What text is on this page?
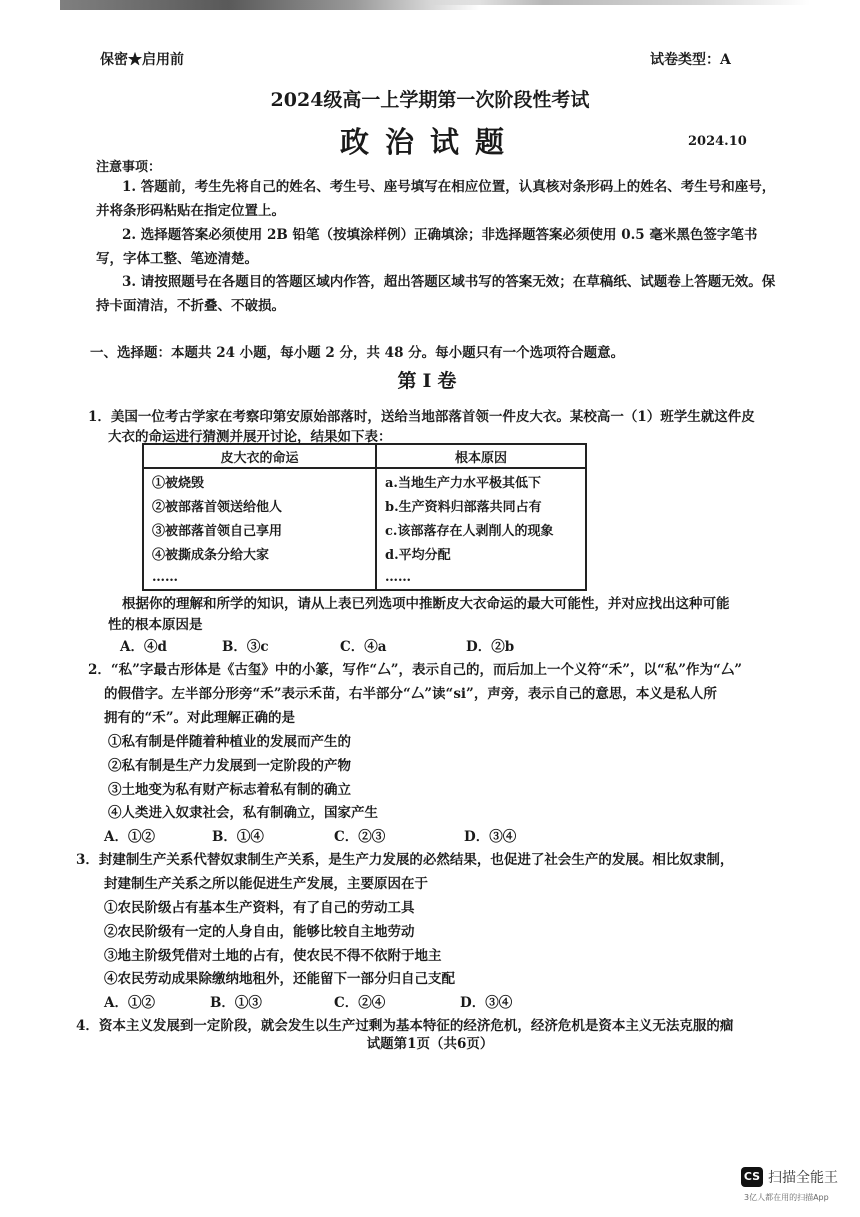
保密★启用前	试卷类型：A
2024级高一上学期第一次阶段性考试
政治试题	2024.10
注意事项：
1. 答题前，考生先将自己的姓名、考生号、座号填写在相应位置，认真核对条形码上的姓名、考生号和座号，并将条形码粘贴在指定位置上。
2. 选择题答案必须使用 2B 铅笔（按填涂样例）正确填涂；非选择题答案必须使用 0.5 毫米黑色签字笔书写，字体工整、笔迹清楚。
3. 请按照题号在各题目的答题区域内作答，超出答题区域书写的答案无效；在草稿纸、试题卷上答题无效。保持卡面清洁，不折叠、不破损。
一、选择题：本题共 24 小题，每小题 2 分，共 48 分。每小题只有一个选项符合题意。
第Ⅰ卷
1．美国一位考古学家在考察印第安原始部落时，送给当地部落首领一件皮大衣。某校高一（1）班学生就这件皮
大衣的命运进行猜测并展开讨论，结果如下表：
皮大衣的命运	根本原因
①被烧毁	a.当地生产力水平极其低下
②被部落首领送给他人	b.生产资料归部落共同占有
③被部落首领自己享用	c.该部落存在人剥削人的现象
④被撕成条分给大家	d.平均分配
……	……
根据你的理解和所学的知识，请从上表已列选项中推断皮大衣命运的最大可能性，并对应找出这种可能
性的根本原因是
A．④d	B．③c	C．④a	D．②b
2．“私”字最古形体是《古玺》中的小篆，写作“厶”，表示自己的，而后加上一个义符“禾”，以“私”作为“厶”
的假借字。左半部分形旁“禾”表示禾苗，右半部分“厶”读“si”，声旁，表示自己的意思，本义是私人所
拥有的“禾”。对此理解正确的是
①私有制是伴随着种植业的发展而产生的
②私有制是生产力发展到一定阶段的产物
③土地变为私有财产标志着私有制的确立
④人类进入奴隶社会，私有制确立，国家产生
A．①②	B．①④	C．②③	D．③④
3．封建制生产关系代替奴隶制生产关系，是生产力发展的必然结果，也促进了社会生产的发展。相比奴隶制，
封建制生产关系之所以能促进生产发展，主要原因在于
①农民阶级占有基本生产资料，有了自己的劳动工具
②农民阶级有一定的人身自由，能够比较自主地劳动
③地主阶级凭借对土地的占有，使农民不得不依附于地主
④农民劳动成果除缴纳地租外，还能留下一部分归自己支配
A．①②	B．①③	C．②④	D．③④
4．资本主义发展到一定阶段，就会发生以生产过剩为基本特征的经济危机，经济危机是资本主义无法克服的痼
试题第1页（共6页）
CS 扫描全能王
3亿人都在用的扫描App
